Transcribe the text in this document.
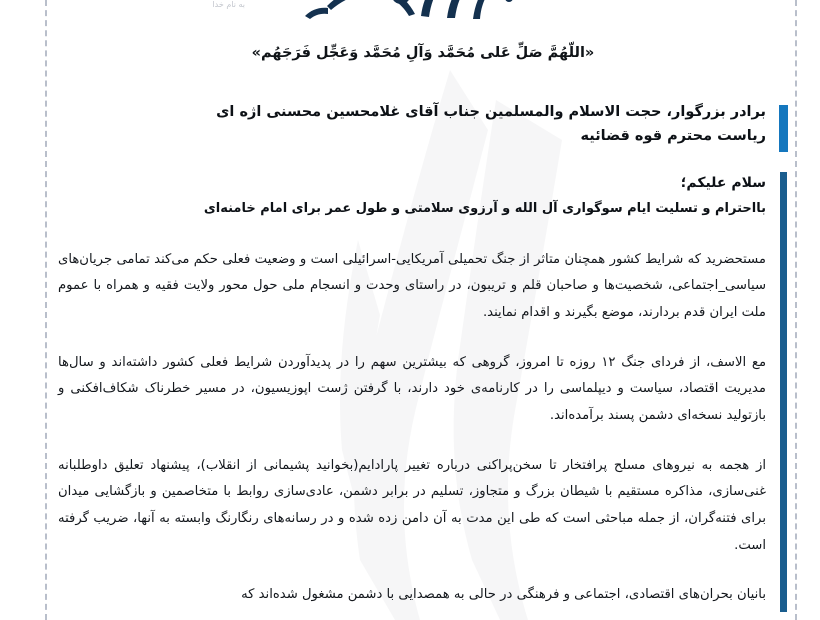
به نام خدا
«اللّهُمَّ صَلِّ عَلی مُحَمَّد وَآلِ مُحَمَّد وَعَجِّل فَرَجَهُم»
برادر بزرگوار، حجت الاسلام والمسلمین جناب آقای غلامحسین محسنی اژه ای
ریاست محترم قوه قضائیه
سلام علیکم؛
بااحترام و تسلیت ایام سوگواری آل الله و آرزوی سلامتی و طول عمر برای امام خامنه‌ای

مستحضرید که شرایط کشور همچنان متاثر از جنگ تحمیلی آمریکایی-اسرائیلی است و وضعیت فعلی حکم می‌کند تمامی جریان‌های سیاسی_اجتماعی، شخصیت‌ها و صاحبان قلم و تریبون، در راستای وحدت و انسجام ملی حول محور ولایت فقیه و همراه با عموم ملت ایران قدم بردارند، موضع بگیرند و اقدام نمایند.

مع الاسف، از فردای جنگ ۱۲ روزه تا امروز، گروهی که بیشترین سهم را در پدیدآوردن شرایط فعلی کشور داشته‌اند و سال‌ها مدیریت اقتصاد، سیاست و دیپلماسی را در کارنامه‌ی خود دارند، با گرفتن ژست اپوزیسیون، در مسیر خطرناک شکاف‌افکنی و بازتولید نسخه‌ای دشمن پسند برآمده‌اند.

از هجمه به نیروهای مسلح پرافتخار تا سخن‌پراکنی درباره تغییر پارادایم(بخوانید پشیمانی از انقلاب)، پیشنهاد تعلیق داوطلبانه غنی‌سازی، مذاکره مستقیم با شیطان بزرگ و متجاوز، تسلیم در برابر دشمن، عادی‌سازی روابط با متخاصمین و بازگشایی میدان برای فتنه‌گران، از جمله مباحثی است که طی این مدت به آن دامن زده شده و در رسانه‌های رنگارنگ وابسته به آنها، ضریب گرفته است.

بانیان بحران‌های اقتصادی، اجتماعی و فرهنگی در حالی به همصدایی با دشمن مشغول شده‌اند که
